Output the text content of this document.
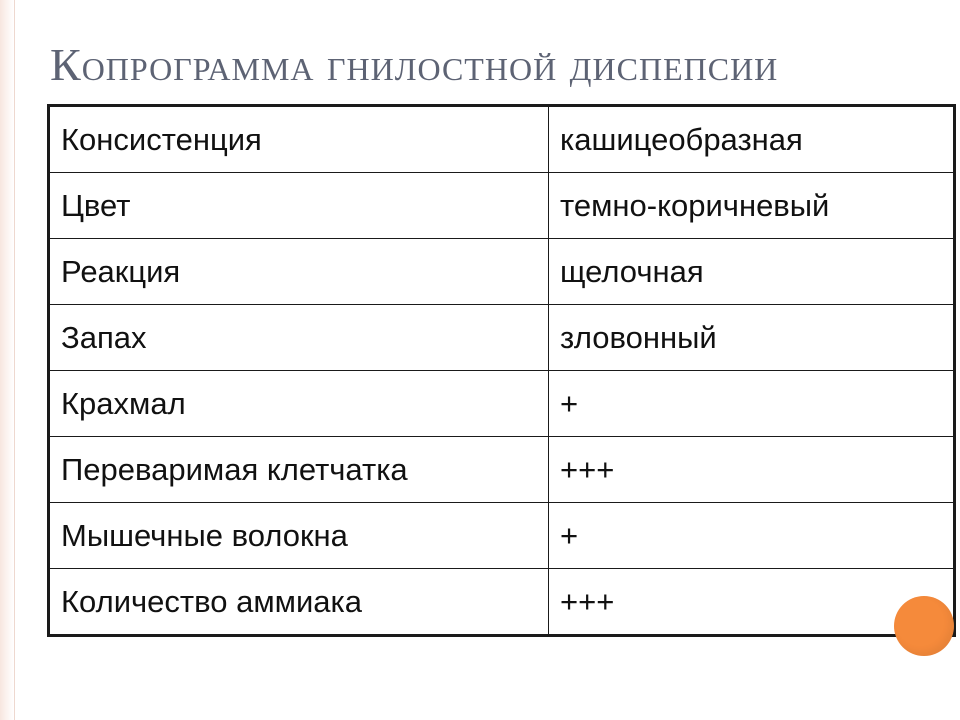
Копрограмма гнилостной диспепсии
Консистенция	кашицеобразная
Цвет	темно-коричневый
Реакция	щелочная
Запах	зловонный
Крахмал	+
Переваримая клетчатка	+++
Мышечные волокна	+
Количество аммиака	+++
